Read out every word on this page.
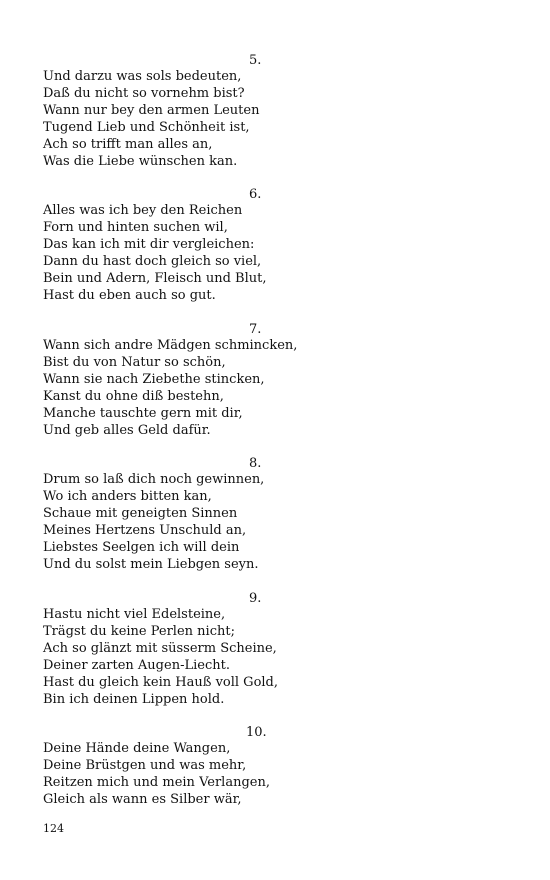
5.
Und darzu was sols bedeuten,
Daß du nicht so vornehm bist?
Wann nur bey den armen Leuten
Tugend Lieb und Schönheit ist,
Ach so trifft man alles an,
Was die Liebe wünschen kan.
6.
Alles was ich bey den Reichen
Forn und hinten suchen wil,
Das kan ich mit dir vergleichen:
Dann du hast doch gleich so viel,
Bein und Adern, Fleisch und Blut,
Hast du eben auch so gut.
7.
Wann sich andre Mädgen schmincken,
Bist du von Natur so schön,
Wann sie nach Ziebethe stincken,
Kanst du ohne diß bestehn,
Manche tauschte gern mit dir,
Und geb alles Geld dafür.
8.
Drum so laß dich noch gewinnen,
Wo ich anders bitten kan,
Schaue mit geneigten Sinnen
Meines Hertzens Unschuld an,
Liebstes Seelgen ich will dein
Und du solst mein Liebgen seyn.
9.
Hastu nicht viel Edelsteine,
Trägst du keine Perlen nicht;
Ach so glänzt mit süsserm Scheine,
Deiner zarten Augen-Liecht.
Hast du gleich kein Hauß voll Gold,
Bin ich deinen Lippen hold.
10.
Deine Hände deine Wangen,
Deine Brüstgen und was mehr,
Reitzen mich und mein Verlangen,
Gleich als wann es Silber wär,
124
